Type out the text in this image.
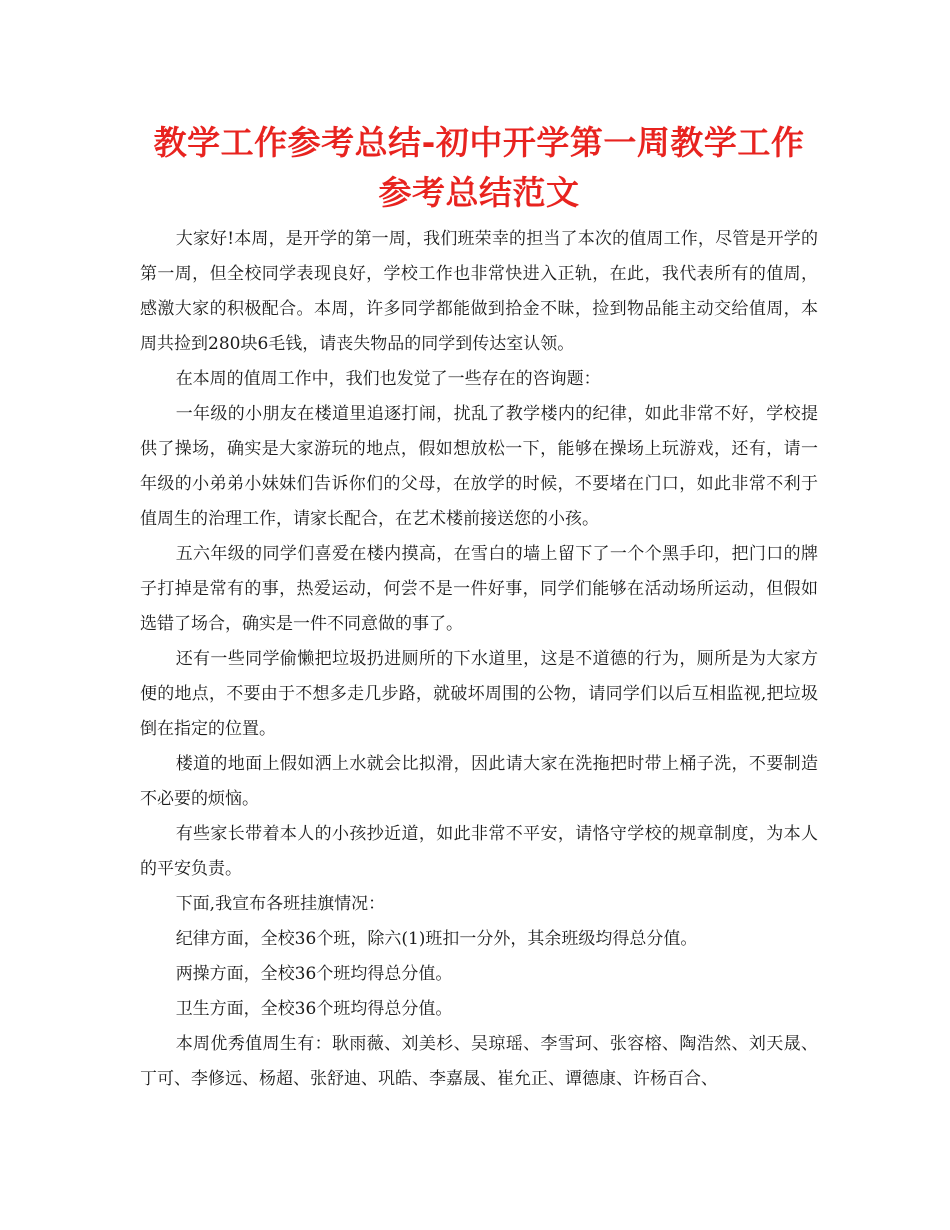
教学工作参考总结-初中开学第一周教学工作参考总结范文

大家好!本周，是开学的第一周，我们班荣幸的担当了本次的值周工作，尽管是开学的第一周，但全校同学表现良好，学校工作也非常快进入正轨，在此，我代表所有的值周，感激大家的积极配合。本周，许多同学都能做到拾金不昧，捡到物品能主动交给值周，本周共捡到280块6毛钱，请丧失物品的同学到传达室认领。

在本周的值周工作中，我们也发觉了一些存在的咨询题：

一年级的小朋友在楼道里追逐打闹，扰乱了教学楼内的纪律，如此非常不好，学校提供了操场，确实是大家游玩的地点，假如想放松一下，能够在操场上玩游戏，还有，请一年级的小弟弟小妹妹们告诉你们的父母，在放学的时候，不要堵在门口，如此非常不利于值周生的治理工作，请家长配合，在艺术楼前接送您的小孩。

五六年级的同学们喜爱在楼内摸高，在雪白的墙上留下了一个个黑手印，把门口的牌子打掉是常有的事，热爱运动，何尝不是一件好事，同学们能够在活动场所运动，但假如选错了场合，确实是一件不同意做的事了。

还有一些同学偷懒把垃圾扔进厕所的下水道里，这是不道德的行为，厕所是为大家方便的地点，不要由于不想多走几步路，就破坏周围的公物，请同学们以后互相监视,把垃圾倒在指定的位置。

楼道的地面上假如洒上水就会比拟滑，因此请大家在洗拖把时带上桶子洗，不要制造不必要的烦恼。

有些家长带着本人的小孩抄近道，如此非常不平安，请恪守学校的规章制度，为本人的平安负责。

下面,我宣布各班挂旗情况：

纪律方面，全校36个班，除六(1)班扣一分外，其余班级均得总分值。

两操方面，全校36个班均得总分值。

卫生方面，全校36个班均得总分值。

本周优秀值周生有：耿雨薇、刘美杉、吴琼瑶、李雪珂、张容榕、陶浩然、刘天晟、丁可、李修远、杨超、张舒迪、巩皓、李嘉晟、崔允正、谭德康、许杨百合、
